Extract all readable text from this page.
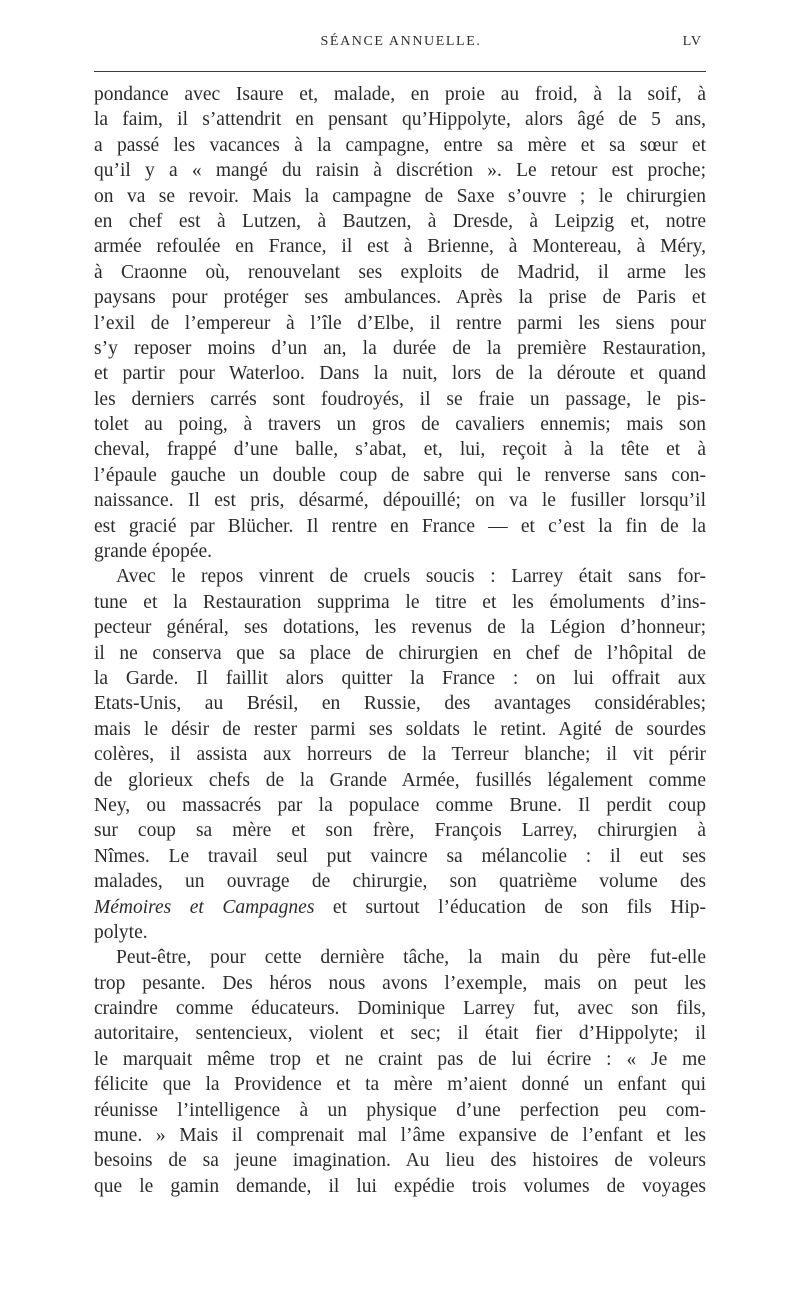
SÉANCE ANNUELLE.	LV
pondance avec Isaure et, malade, en proie au froid, à la soif, à
la faim, il s’attendrit en pensant qu’Hippolyte, alors âgé de 5 ans,
a passé les vacances à la campagne, entre sa mère et sa sœur et
qu’il y a « mangé du raisin à discrétion ». Le retour est proche;
on va se revoir. Mais la campagne de Saxe s’ouvre ; le chirurgien
en chef est à Lutzen, à Bautzen, à Dresde, à Leipzig et, notre
armée refoulée en France, il est à Brienne, à Montereau, à Méry,
à Craonne où, renouvelant ses exploits de Madrid, il arme les
paysans pour protéger ses ambulances. Après la prise de Paris et
l’exil de l’empereur à l’île d’Elbe, il rentre parmi les siens pour
s’y reposer moins d’un an, la durée de la première Restauration,
et partir pour Waterloo. Dans la nuit, lors de la déroute et quand
les derniers carrés sont foudroyés, il se fraie un passage, le pis-
tolet au poing, à travers un gros de cavaliers ennemis; mais son
cheval, frappé d’une balle, s’abat, et, lui, reçoit à la tête et à
l’épaule gauche un double coup de sabre qui le renverse sans con-
naissance. Il est pris, désarmé, dépouillé; on va le fusiller lorsqu’il
est gracié par Blücher. Il rentre en France — et c’est la fin de la
grande épopée.
Avec le repos vinrent de cruels soucis : Larrey était sans for-
tune et la Restauration supprima le titre et les émoluments d’ins-
pecteur général, ses dotations, les revenus de la Légion d’honneur;
il ne conserva que sa place de chirurgien en chef de l’hôpital de
la Garde. Il faillit alors quitter la France : on lui offrait aux
Etats-Unis, au Brésil, en Russie, des avantages considérables;
mais le désir de rester parmi ses soldats le retint. Agité de sourdes
colères, il assista aux horreurs de la Terreur blanche; il vit périr
de glorieux chefs de la Grande Armée, fusillés légalement comme
Ney, ou massacrés par la populace comme Brune. Il perdit coup
sur coup sa mère et son frère, François Larrey, chirurgien à
Nîmes. Le travail seul put vaincre sa mélancolie : il eut ses
malades, un ouvrage de chirurgie, son quatrième volume des
Mémoires et Campagnes et surtout l’éducation de son fils Hip-
polyte.
Peut-être, pour cette dernière tâche, la main du père fut-elle
trop pesante. Des héros nous avons l’exemple, mais on peut les
craindre comme éducateurs. Dominique Larrey fut, avec son fils,
autoritaire, sentencieux, violent et sec; il était fier d’Hippolyte; il
le marquait même trop et ne craint pas de lui écrire : « Je me
félicite que la Providence et ta mère m’aient donné un enfant qui
réunisse l’intelligence à un physique d’une perfection peu com-
mune. » Mais il comprenait mal l’âme expansive de l’enfant et les
besoins de sa jeune imagination. Au lieu des histoires de voleurs
que le gamin demande, il lui expédie trois volumes de voyages
